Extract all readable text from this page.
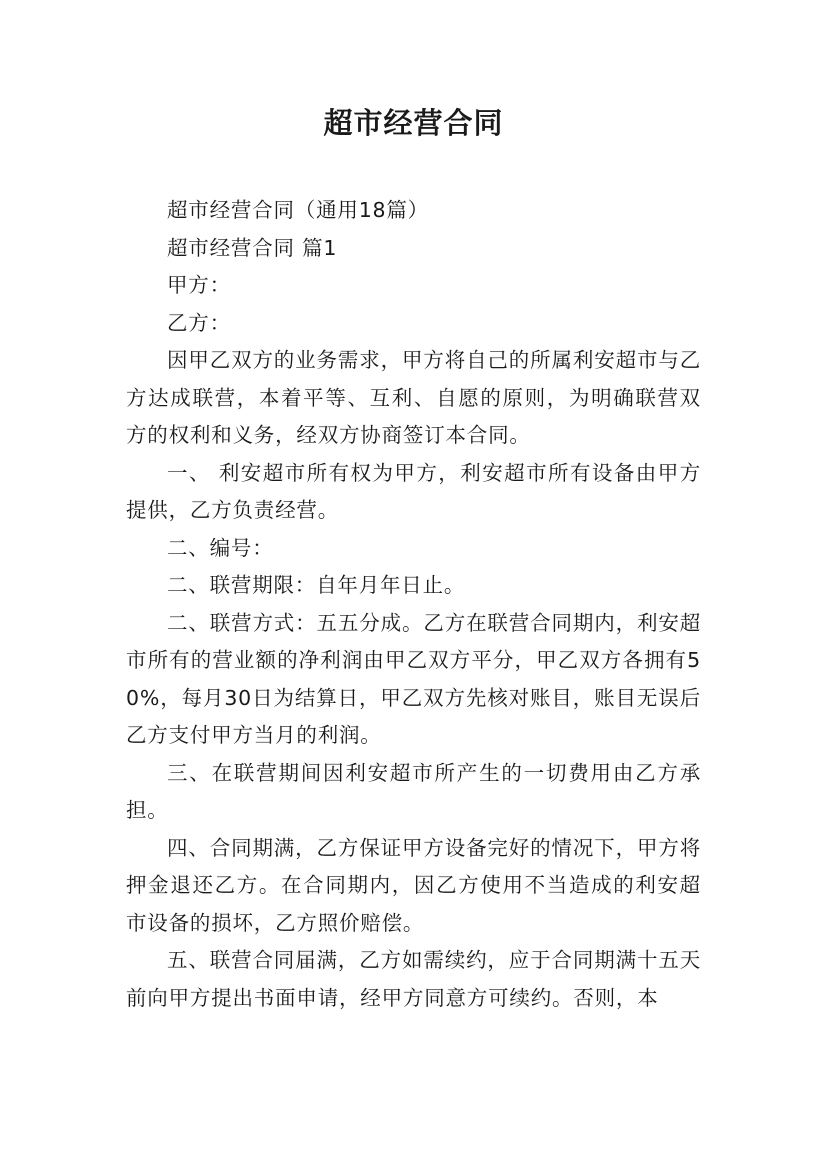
超市经营合同

超市经营合同（通用18篇）

超市经营合同 篇1

甲方：

乙方：

因甲乙双方的业务需求，甲方将自己的所属利安超市与乙方达成联营，本着平等、互利、自愿的原则，为明确联营双方的权利和义务，经双方协商签订本合同。

一、 利安超市所有权为甲方，利安超市所有设备由甲方提供，乙方负责经营。

二、编号：

二、联营期限：自年月年日止。

二、联营方式：五五分成。乙方在联营合同期内，利安超市所有的营业额的净利润由甲乙双方平分，甲乙双方各拥有50%，每月30日为结算日，甲乙双方先核对账目，账目无误后乙方支付甲方当月的利润。

三、在联营期间因利安超市所产生的一切费用由乙方承担。

四、合同期满，乙方保证甲方设备完好的情况下，甲方将押金退还乙方。在合同期内，因乙方使用不当造成的利安超市设备的损坏，乙方照价赔偿。

五、联营合同届满，乙方如需续约，应于合同期满十五天前向甲方提出书面申请，经甲方同意方可续约。否则，本
